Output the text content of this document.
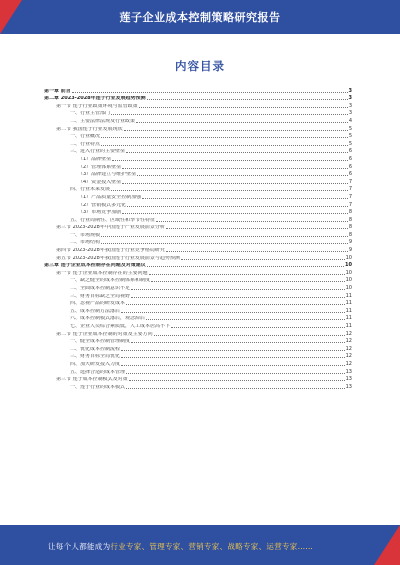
莲子企业成本控制策略研究报告
内容目录
第一章 前言	3
第二章 2023-2028年莲子行业发展趋势预测	3
第一节 莲子行业政策环境与监管政策	3
一、行业主管部门	3
二、主要法律法规及行业政策	4
第二节 我国莲子行业发展现状	5
一、行业概况	5
二、行业特点	5
三、进入行业的主要壁垒	6
（1）品牌壁垒	6
（2）管理体系壁垒	6
（3）品牌建立与维护壁垒	6
（4）资金投入壁垒	7
四、行业未来发展	7
（1）产品质量安全控制加强	7
（2）营销模式多元化	7
（3）市场竞争加剧	8
五、行业周期性、区域性和季节性特征	8
第三节 2023-2028年中国莲子产业发展前景分析	8
一、市场规模	8
二、市场结构	9
第四节 2023-2028年我国莲子行业竞争格局研究	9
第五节 2023-2028年我国莲子行业发展前景与趋势预测	10
第三章 莲子企业成本控制存在问题及对策建议	10
第一节 莲子企业成本控制存在的主要问题	10
一、缺乏健全的成本控制体系和制度	10
二、全面成本控制意识不足	10
三、财务目标缺乏全局视野	11
四、忽视产品的研发成本	11
五、成本控制方法落后	11
六、成本控制模式落后，观念滞后	11
七、企业人员综合素质低，人工成本居高不下	11
第二节 莲子企业成本控制的对策及主要方向	12
一、健全成本控制管理制度	12
二、优化成本控制流程	12
三、财务目标全局优化	12
四、加大研发投入力度	12
五、选择合适的成本管理	13
第三节 莲子成本控制模式及对策	13
一、莲子行业的成本模式	13
让每个人都能成为行业专家、管理专家、营销专家、战略专家、运营专家……
